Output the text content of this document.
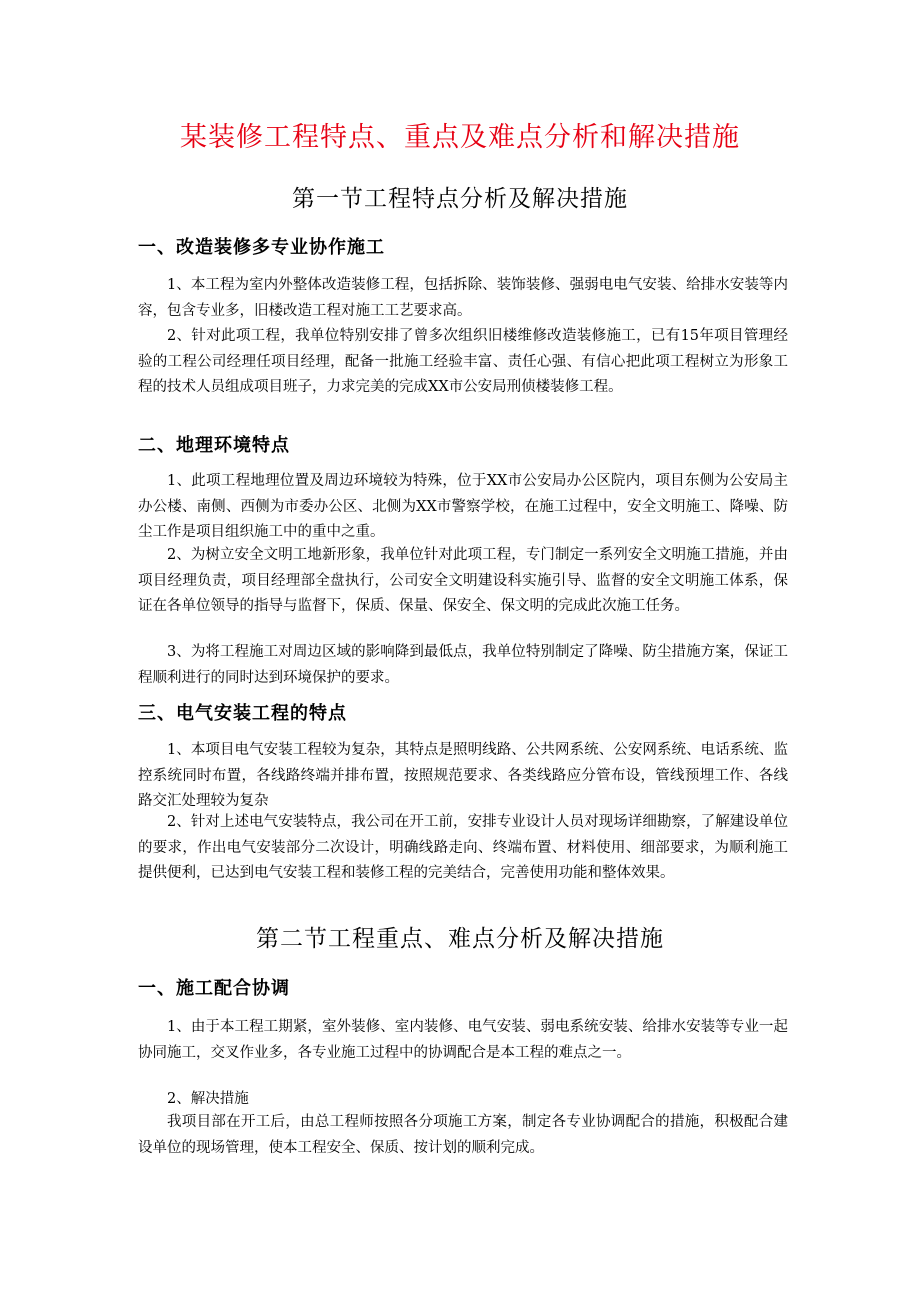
某装修工程特点、重点及难点分析和解决措施
第一节工程特点分析及解决措施
一、改造装修多专业协作施工

1、本工程为室内外整体改造装修工程，包括拆除、装饰装修、强弱电电气安装、给排水安装等内容，包含专业多，旧楼改造工程对施工工艺要求高。

2、针对此项工程，我单位特别安排了曾多次组织旧楼维修改造装修施工，已有15年项目管理经验的工程公司经理任项目经理，配备一批施工经验丰富、责任心强、有信心把此项工程树立为形象工程的技术人员组成项目班子，力求完美的完成XX市公安局刑侦楼装修工程。

二、地理环境特点

1、此项工程地理位置及周边环境较为特殊，位于XX市公安局办公区院内，项目东侧为公安局主办公楼、南侧、西侧为市委办公区、北侧为XX市警察学校，在施工过程中，安全文明施工、降噪、防尘工作是项目组织施工中的重中之重。

2、为树立安全文明工地新形象，我单位针对此项工程，专门制定一系列安全文明施工措施，并由项目经理负责，项目经理部全盘执行，公司安全文明建设科实施引导、监督的安全文明施工体系，保证在各单位领导的指导与监督下，保质、保量、保安全、保文明的完成此次施工任务。

3、为将工程施工对周边区域的影响降到最低点，我单位特别制定了降噪、防尘措施方案，保证工程顺利进行的同时达到环境保护的要求。

三、电气安装工程的特点

1、本项目电气安装工程较为复杂，其特点是照明线路、公共网系统、公安网系统、电话系统、监控系统同时布置，各线路终端并排布置，按照规范要求、各类线路应分管布设，管线预埋工作、各线路交汇处理较为复杂

2、针对上述电气安装特点，我公司在开工前，安排专业设计人员对现场详细勘察，了解建设单位的要求，作出电气安装部分二次设计，明确线路走向、终端布置、材料使用、细部要求，为顺利施工提供便利，已达到电气安装工程和装修工程的完美结合，完善使用功能和整体效果。

第二节工程重点、难点分析及解决措施
一、施工配合协调

1、由于本工程工期紧，室外装修、室内装修、电气安装、弱电系统安装、给排水安装等专业一起协同施工，交叉作业多，各专业施工过程中的协调配合是本工程的难点之一。

2、解决措施

我项目部在开工后，由总工程师按照各分项施工方案，制定各专业协调配合的措施，积极配合建设单位的现场管理，使本工程安全、保质、按计划的顺利完成。
